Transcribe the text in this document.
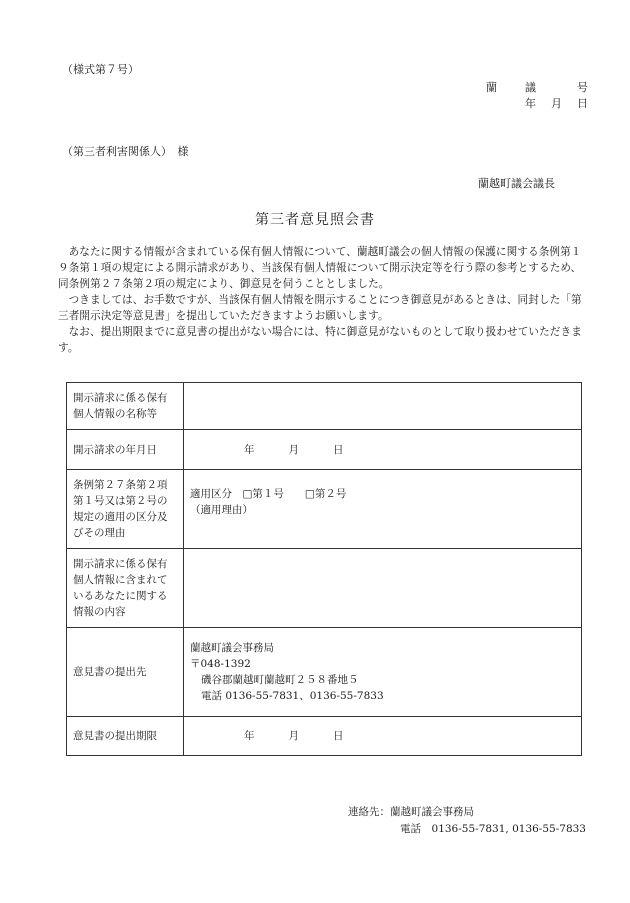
（様式第７号）
蘭　　議　　　号
年　月　日
（第三者利害関係人）　様
蘭越町議会議長
第三者意見照会書

あなたに関する情報が含まれている保有個人情報について、蘭越町議会の個人情報の保護に関する条例第１９条第１項の規定による開示請求があり、当該保有個人情報について開示決定等を行う際の参考とするため、同条例第２７条第２項の規定により、御意見を伺うこととしました。

つきましては、お手数ですが、当該保有個人情報を開示することにつき御意見があるときは、同封した「第三者開示決定等意見書」を提出していただきますようお願いします。

なお、提出期限までに意見書の提出がない場合には、特に御意見がないものとして取り扱わせていただきます。

開示請求に係る保有個人情報の名称等	
開示請求の年月日	年 月 日
条例第２７条第２項第１号又は第２号の規定の適用の区分及びその理由	適用区分　□第１号　　□第２号
（適用理由）

開示請求に係る保有個人情報に含まれているあなたに関する情報の内容	
意見書の提出先	蘭越町議会事務局
〒048-1392
磯谷郡蘭越町蘭越町２５８番地５
電話 0136-55-7831、0136-55-7833

意見書の提出期限	年 月 日
連絡先：蘭越町議会事務局
電話　0136-55-7831, 0136-55-7833
